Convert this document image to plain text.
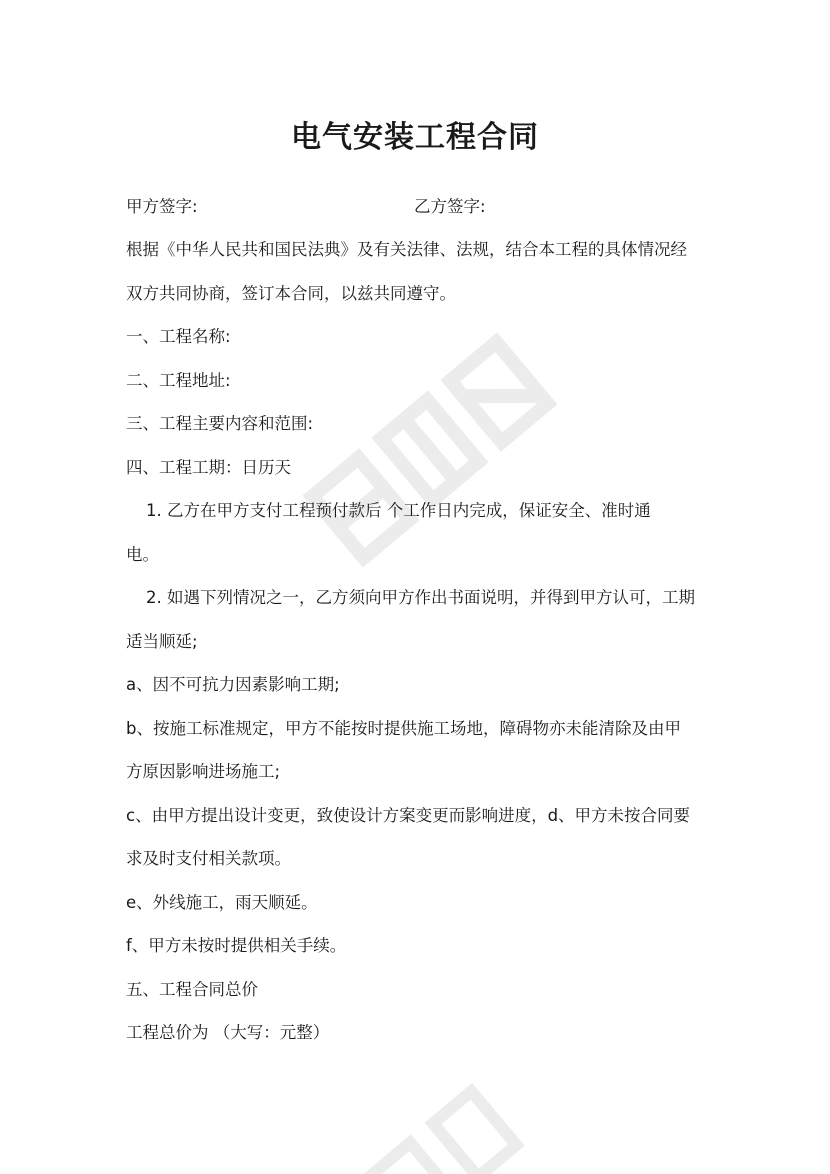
电气安装工程合同

甲方签字:	乙方签字:

根据《中华人民共和国民法典》及有关法律、法规，结合本工程的具体情况经

双方共同协商，签订本合同，以兹共同遵守。

一、工程名称:

二、工程地址:

三、工程主要内容和范围:

四、工程工期：日历天

1. 乙方在甲方支付工程预付款后 个工作日内完成，保证安全、准时通

电。

2. 如遇下列情况之一，乙方须向甲方作出书面说明，并得到甲方认可，工期

适当顺延;

a、因不可抗力因素影响工期;

b、按施工标准规定，甲方不能按时提供施工场地，障碍物亦未能清除及由甲

方原因影响进场施工;

c、由甲方提出设计变更，致使设计方案变更而影响进度，d、甲方未按合同要

求及时支付相关款项。

e、外线施工，雨天顺延。

f、甲方未按时提供相关手续。

五、工程合同总价

工程总价为 （大写：元整）
